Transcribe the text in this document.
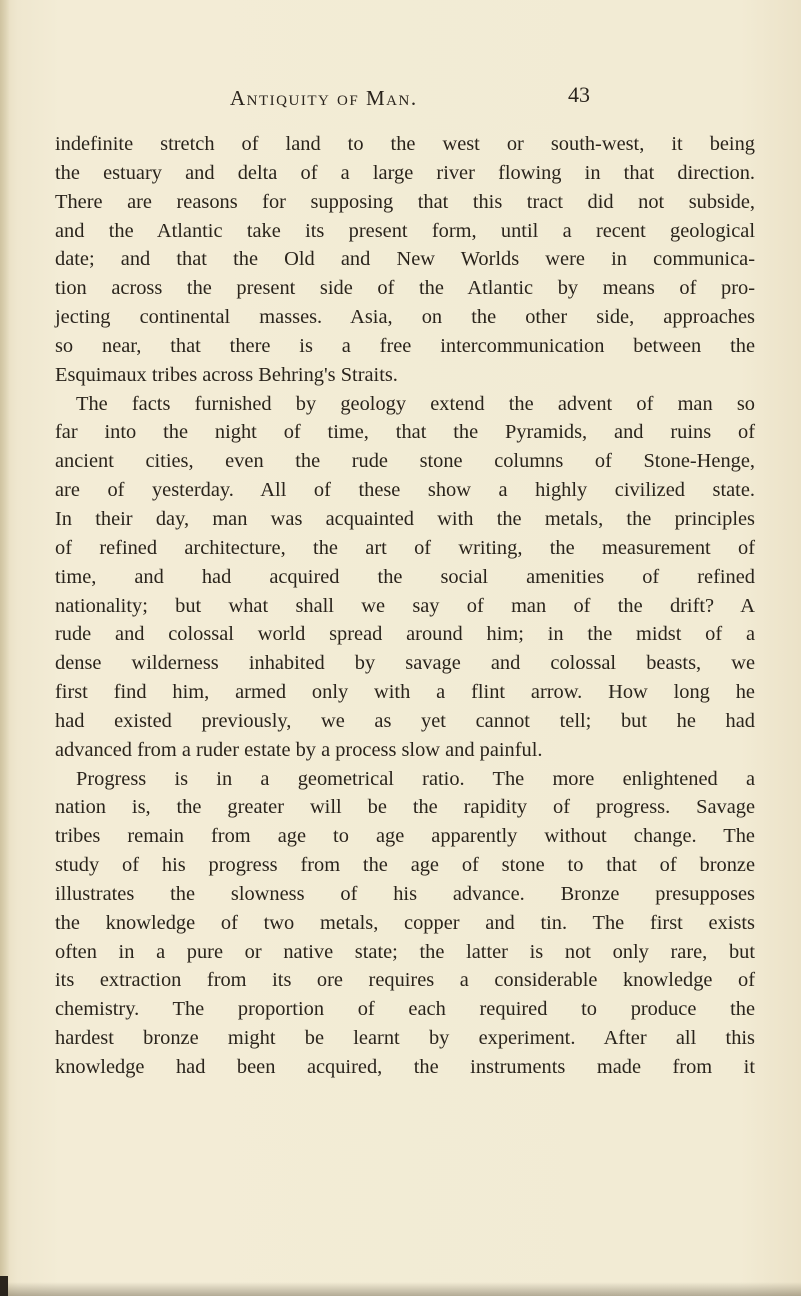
Antiquity of Man.	43
indefinite stretch of land to the west or south-west, it being
the estuary and delta of a large river flowing in that direction.
There are reasons for supposing that this tract did not subside,
and the Atlantic take its present form, until a recent geological
date; and that the Old and New Worlds were in communica-
tion across the present side of the Atlantic by means of pro-
jecting continental masses. Asia, on the other side, approaches
so near, that there is a free intercommunication between the
Esquimaux tribes across Behring's Straits.
The facts furnished by geology extend the advent of man so
far into the night of time, that the Pyramids, and ruins of
ancient cities, even the rude stone columns of Stone-Henge,
are of yesterday. All of these show a highly civilized state.
In their day, man was acquainted with the metals, the principles
of refined architecture, the art of writing, the measurement of
time, and had acquired the social amenities of refined
nationality; but what shall we say of man of the drift? A
rude and colossal world spread around him; in the midst of a
dense wilderness inhabited by savage and colossal beasts, we
first find him, armed only with a flint arrow. How long he
had existed previously, we as yet cannot tell; but he had
advanced from a ruder estate by a process slow and painful.
Progress is in a geometrical ratio. The more enlightened a
nation is, the greater will be the rapidity of progress. Savage
tribes remain from age to age apparently without change. The
study of his progress from the age of stone to that of bronze
illustrates the slowness of his advance. Bronze presupposes
the knowledge of two metals, copper and tin. The first exists
often in a pure or native state; the latter is not only rare, but
its extraction from its ore requires a considerable knowledge of
chemistry. The proportion of each required to produce the
hardest bronze might be learnt by experiment. After all this
knowledge had been acquired, the instruments made from it
